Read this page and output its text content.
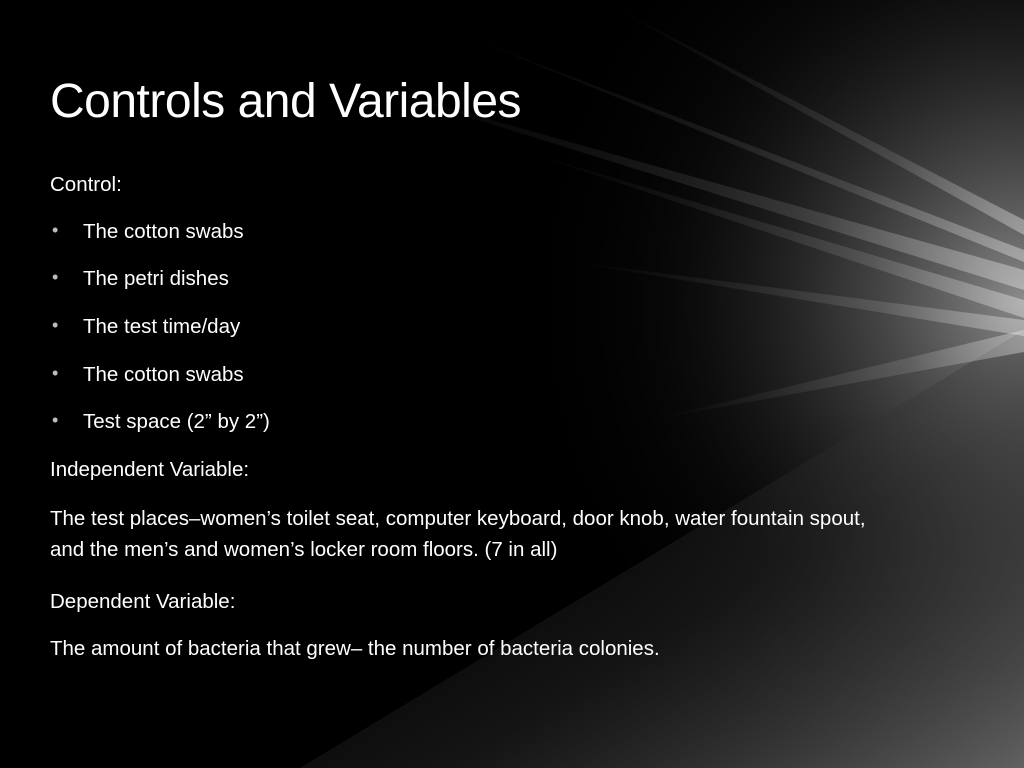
Controls and Variables

Control:

• The cotton swabs
• The petri dishes
• The test time/day
• The cotton swabs
• Test space (2” by 2”)

Independent Variable:

The test places–women’s toilet seat, computer keyboard, door knob, water fountain spout, and the men’s and women’s locker room floors. (7 in all)

Dependent Variable:

The amount of bacteria that grew– the number of bacteria colonies.
